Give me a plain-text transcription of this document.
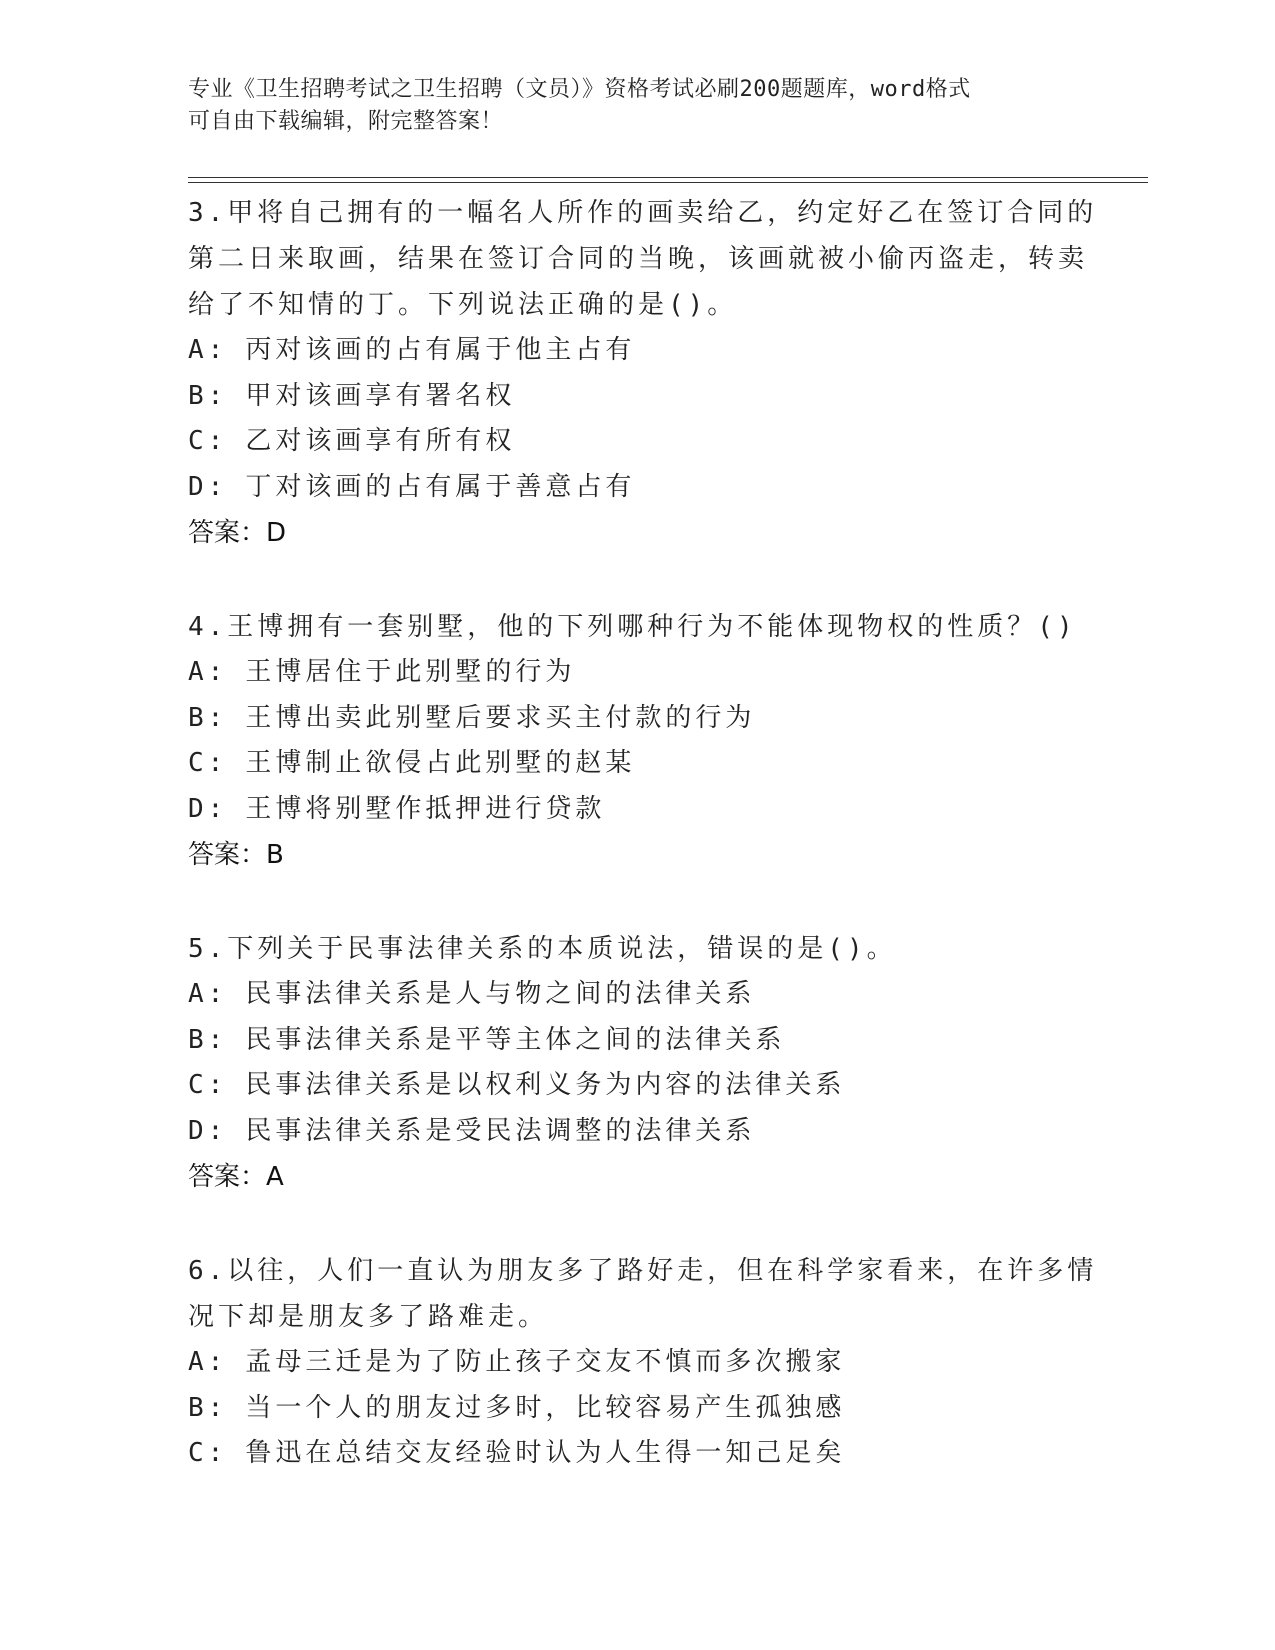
专业《卫生招聘考试之卫生招聘（文员）》资格考试必刷200题题库，word格式
可自由下载编辑，附完整答案！
3.甲将自己拥有的一幅名人所作的画卖给乙，约定好乙在签订合同的
第二日来取画，结果在签订合同的当晚，该画就被小偷丙盗走，转卖
给了不知情的丁。下列说法正确的是()。
A: 丙对该画的占有属于他主占有
B: 甲对该画享有署名权
C: 乙对该画享有所有权
D: 丁对该画的占有属于善意占有
答案：D
4.王博拥有一套别墅，他的下列哪种行为不能体现物权的性质？()
A: 王博居住于此别墅的行为
B: 王博出卖此别墅后要求买主付款的行为
C: 王博制止欲侵占此别墅的赵某
D: 王博将别墅作抵押进行贷款
答案：B
5.下列关于民事法律关系的本质说法，错误的是()。
A: 民事法律关系是人与物之间的法律关系
B: 民事法律关系是平等主体之间的法律关系
C: 民事法律关系是以权利义务为内容的法律关系
D: 民事法律关系是受民法调整的法律关系
答案：A
6.以往，人们一直认为朋友多了路好走，但在科学家看来，在许多情
况下却是朋友多了路难走。
A: 孟母三迁是为了防止孩子交友不慎而多次搬家
B: 当一个人的朋友过多时，比较容易产生孤独感
C: 鲁迅在总结交友经验时认为人生得一知己足矣
